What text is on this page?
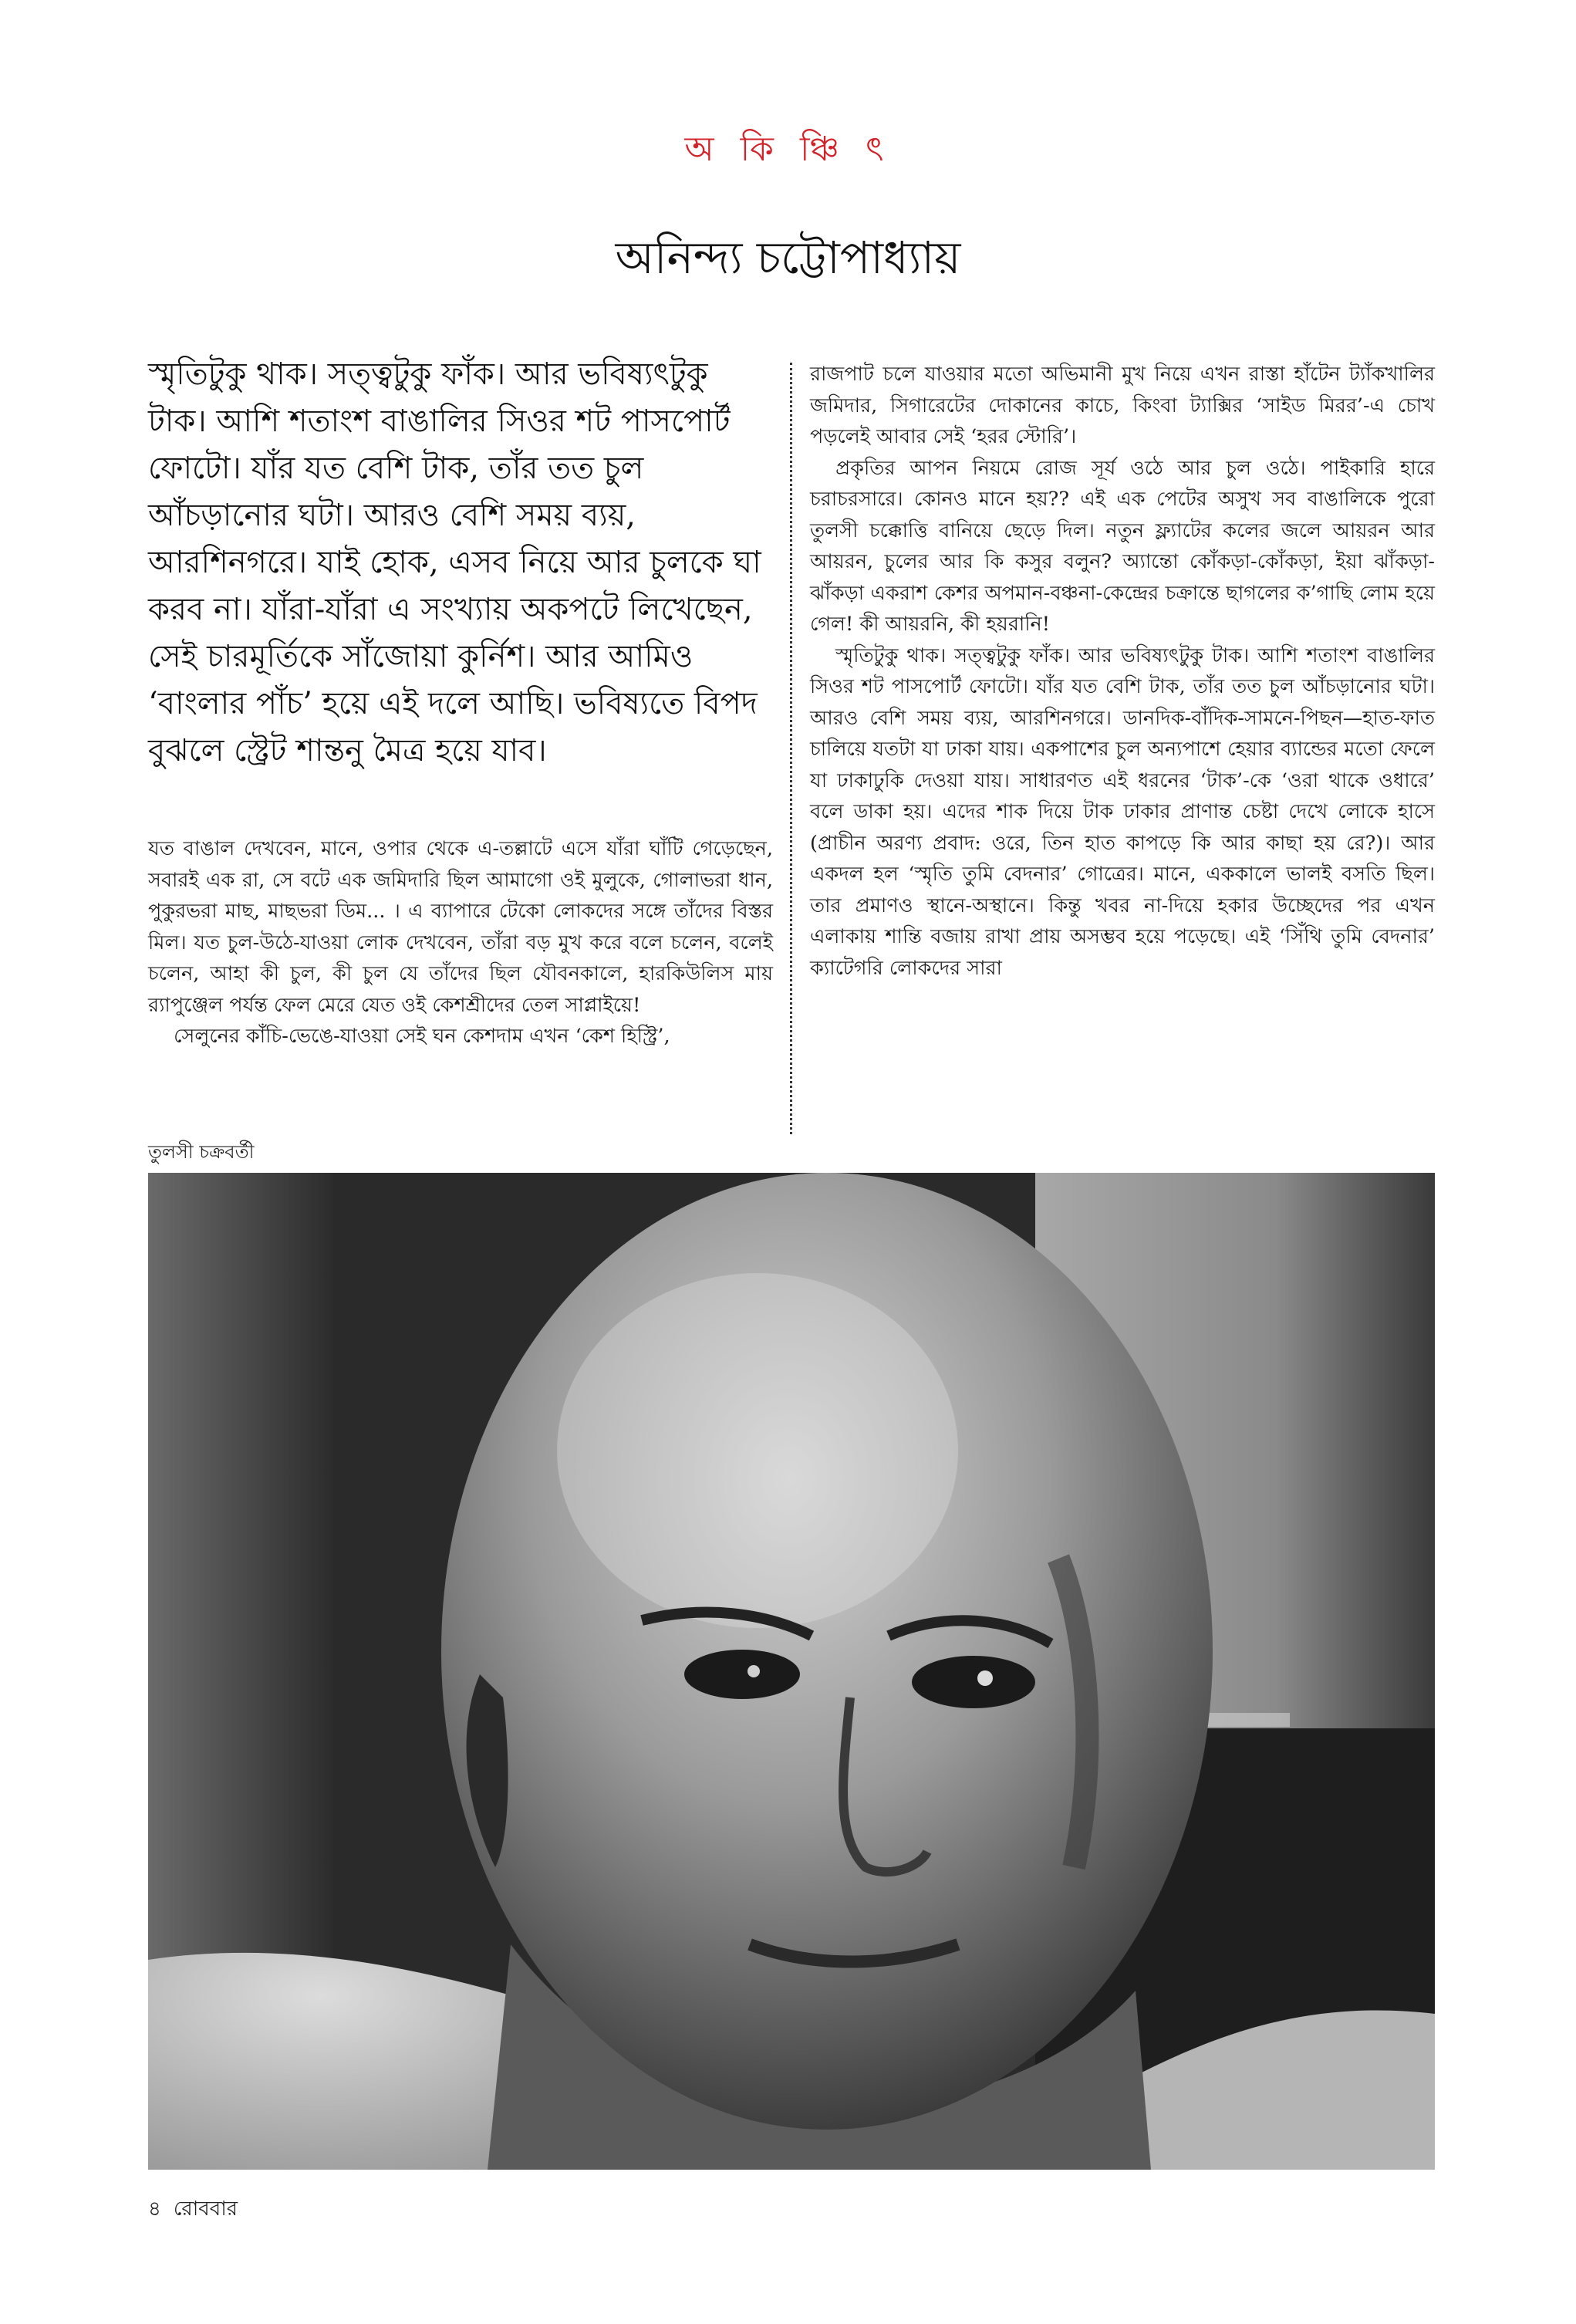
অ কি ঞ্চি ৎ
অনিন্দ্য চট্টোপাধ্যায়

স্মৃতিটুকু থাক। সত্ত্বটুকু ফাঁক। আর ভবিষ্যৎটুকু টাক। আশি শতাংশ বাঙালির সিওর শট পাসপোর্ট ফোটো। যাঁর যত বেশি টাক, তাঁর তত চুল আঁচড়ানোর ঘটা। আরও বেশি সময় ব্যয়, আরশিনগরে। যাই হোক, এসব নিয়ে আর চুলকে ঘা করব না। যাঁরা-যাঁরা এ সংখ্যায় অকপটে লিখেছেন, সেই চারমূর্তিকে সাঁজোয়া কুর্নিশ। আর আমিও ‘বাংলার পাঁচ’ হয়ে এই দলে আছি। ভবিষ্যতে বিপদ বুঝলে স্ট্রেট শান্তনু মৈত্র হয়ে যাব।

যত বাঙাল দেখবেন, মানে, ওপার থেকে এ-তল্লাটে এসে যাঁরা ঘাঁটি গেড়েছেন, সবারই এক রা, সে বটে এক জমিদারি ছিল আমাগো ওই মুলুকে, গোলাভরা ধান, পুকুরভরা মাছ, মাছভরা ডিম... । এ ব্যাপারে টেকো লোকদের সঙ্গে তাঁদের বিস্তর মিল। যত চুল-উঠে-যাওয়া লোক দেখবেন, তাঁরা বড় মুখ করে বলে চলেন, বলেই চলেন, আহা কী চুল, কী চুল যে তাঁদের ছিল যৌবনকালে, হারকিউলিস মায় র‍্যাপুঞ্জেল পর্যন্ত ফেল মেরে যেত ওই কেশশ্রীদের তেল সাপ্লাইয়ে!

সেলুনের কাঁচি-ভেঙে-যাওয়া সেই ঘন কেশদাম এখন ‘কেশ হিস্ট্রি’,

রাজপাট চলে যাওয়ার মতো অভিমানী মুখ নিয়ে এখন রাস্তা হাঁটেন ট্যাঁকখালির জমিদার, সিগারেটের দোকানের কাচে, কিংবা ট্যাক্সির ‘সাইড মিরর’-এ চোখ পড়লেই আবার সেই ‘হরর স্টোরি’।

প্রকৃতির আপন নিয়মে রোজ সূর্য ওঠে আর চুল ওঠে। পাইকারি হারে চরাচরসারে। কোনও মানে হয়?? এই এক পেটের অসুখ সব বাঙালিকে পুরো তুলসী চক্কোত্তি বানিয়ে ছেড়ে দিল। নতুন ফ্ল্যাটের কলের জলে আয়রন আর আয়রন, চুলের আর কি কসুর বলুন? অ্যান্তো কোঁকড়া-কোঁকড়া, ইয়া ঝাঁকড়া-ঝাঁকড়া একরাশ কেশর অপমান-বঞ্চনা-কেন্দ্রের চক্রান্তে ছাগলের ক’গাছি লোম হয়ে গেল! কী আয়রনি, কী হয়রানি!

স্মৃতিটুকু থাক। সত্ত্বটুকু ফাঁক। আর ভবিষ্যৎটুকু টাক। আশি শতাংশ বাঙালির সিওর শট পাসপোর্ট ফোটো। যাঁর যত বেশি টাক, তাঁর তত চুল আঁচড়ানোর ঘটা। আরও বেশি সময় ব্যয়, আরশিনগরে। ডানদিক-বাঁদিক-সামনে-পিছন—হাত-ফাত চালিয়ে যতটা যা ঢাকা যায়। একপাশের চুল অন্যপাশে হেয়ার ব্যান্ডের মতো ফেলে যা ঢাকাঢুকি দেওয়া যায়। সাধারণত এই ধরনের ‘টাক’-কে ‘ওরা থাকে ওধারে’ বলে ডাকা হয়। এদের শাক দিয়ে টাক ঢাকার প্রাণান্ত চেষ্টা দেখে লোকে হাসে (প্রাচীন অরণ্য প্রবাদ: ওরে, তিন হাত কাপড়ে কি আর কাছা হয় রে?)। আর একদল হল ‘স্মৃতি তুমি বেদনার’ গোত্রের। মানে, এককালে ভালই বসতি ছিল। তার প্রমাণও স্থানে-অস্থানে। কিন্তু খবর না-দিয়ে হকার উচ্ছেদের পর এখন এলাকায় শান্তি বজায় রাখা প্রায় অসম্ভব হয়ে পড়েছে। এই ‘সিঁথি তুমি বেদনার’ ক্যাটেগরি লোকদের সারা

তুলসী চক্রবর্তী
৪ রোববার
